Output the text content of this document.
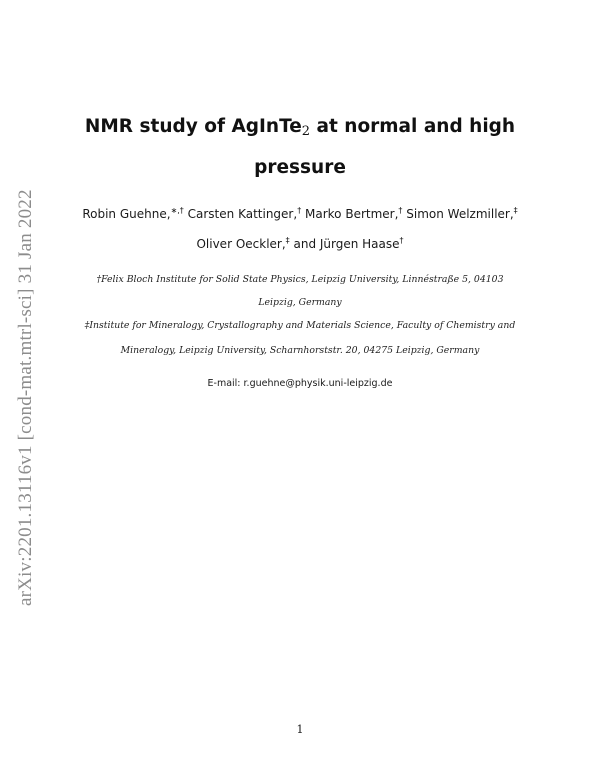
arXiv:2201.13116v1 [cond-mat.mtrl-sci] 31 Jan 2022
NMR study of AgInTe$_2$ at normal and high
pressure
Robin Guehne,∗,† Carsten Kattinger,† Marko Bertmer,† Simon Welzmiller,‡
Oliver Oeckler,‡ and Jürgen Haase†
†Felix Bloch Institute for Solid State Physics, Leipzig University, Linnéstraße 5, 04103
Leipzig, Germany
‡Institute for Mineralogy, Crystallography and Materials Science, Faculty of Chemistry and
Mineralogy, Leipzig University, Scharnhorststr. 20, 04275 Leipzig, Germany
E-mail: r.guehne@physik.uni-leipzig.de
1
